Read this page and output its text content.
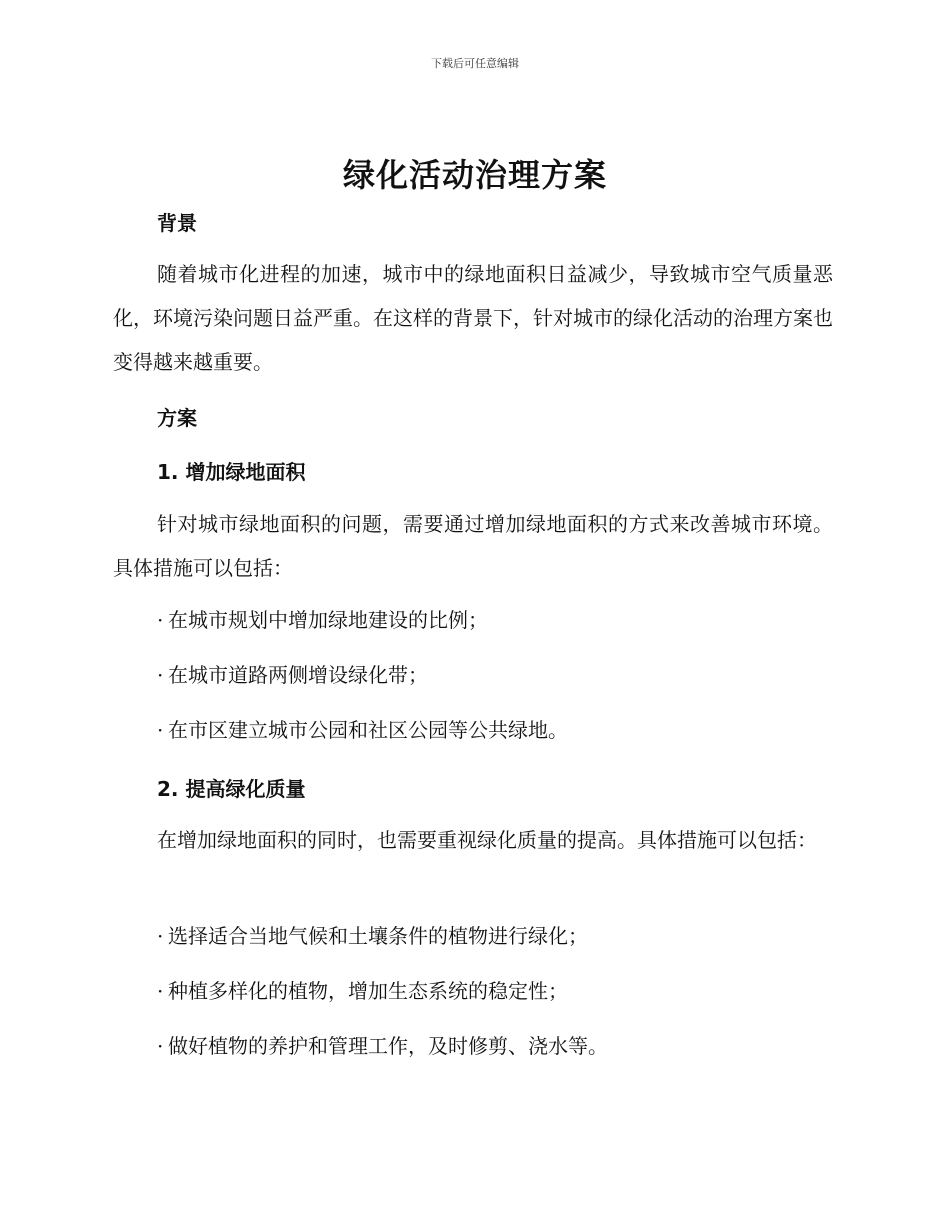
下载后可任意编辑
绿化活动治理方案
背景

随着城市化进程的加速，城市中的绿地面积日益减少，导致城市空气质量恶化，环境污染问题日益严重。在这样的背景下，针对城市的绿化活动的治理方案也变得越来越重要。

方案
1. 增加绿地面积

针对城市绿地面积的问题，需要通过增加绿地面积的方式来改善城市环境。具体措施可以包括：

· 在城市规划中增加绿地建设的比例；

· 在城市道路两侧增设绿化带；

· 在市区建立城市公园和社区公园等公共绿地。

2. 提高绿化质量

在增加绿地面积的同时，也需要重视绿化质量的提高。具体措施可以包括：

· 选择适合当地气候和土壤条件的植物进行绿化；

· 种植多样化的植物，增加生态系统的稳定性；

· 做好植物的养护和管理工作，及时修剪、浇水等。
